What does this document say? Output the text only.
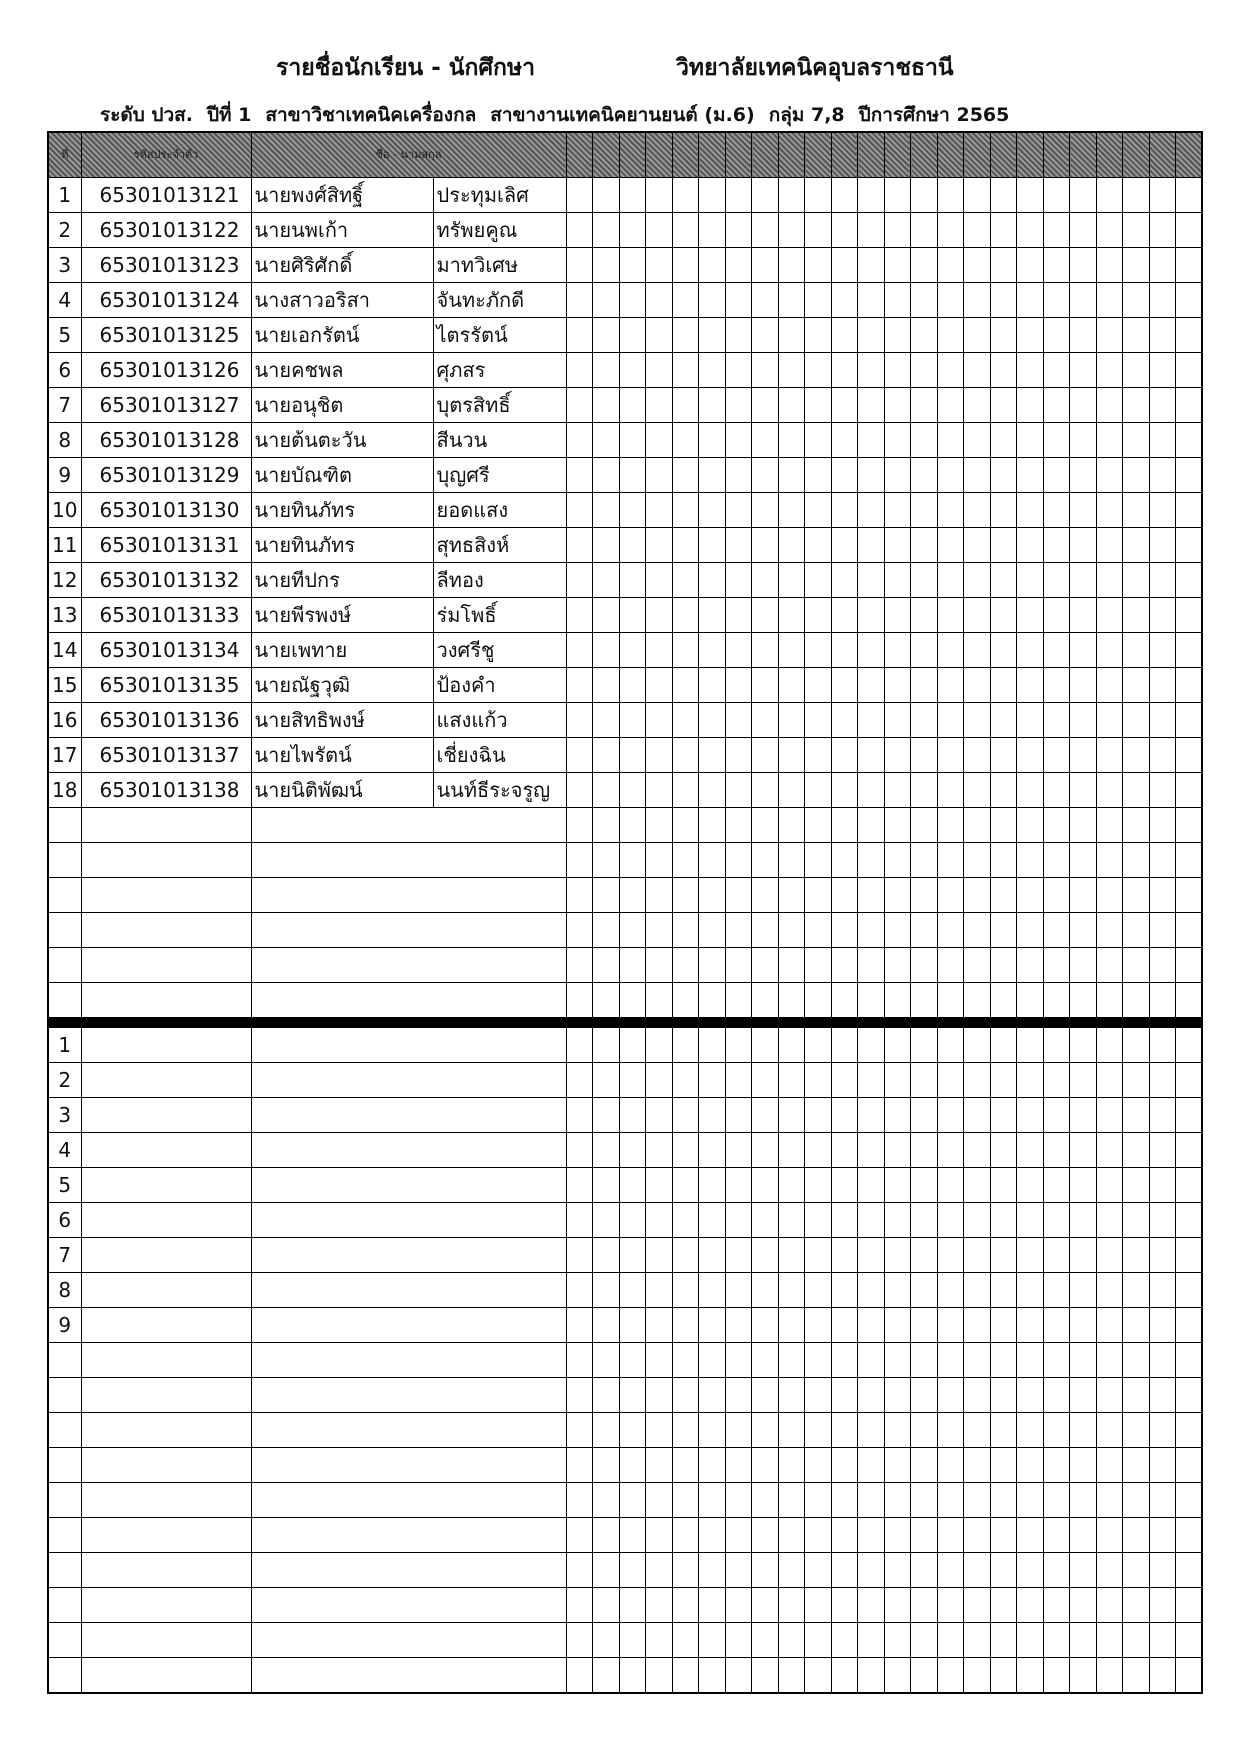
รายชื่อนักเรียน - นักศึกษา	วิทยาลัยเทคนิคอุบลราชธานี
ระดับ ปวส. ปีที่ 1 สาขาวิชาเทคนิคเครื่องกล สาขางานเทคนิคยานยนต์ (ม.6) กลุ่ม 7,8 ปีการศึกษา 2565
ที่	รหัสประจำตัว	ชื่อ - นามสกุล																									
1	65301013121	นายพงศ์สิทฐิ์	ประทุมเลิศ																								
2	65301013122	นายนพเก้า	ทรัพยคูณ																								
3	65301013123	นายศิริศักดิ์	มาทวิเศษ																								
4	65301013124	นางสาวอริสา	จันทะภักดี																								
5	65301013125	นายเอกรัตน์	ไตรรัตน์																								
6	65301013126	นายคชพล	ศุภสร																								
7	65301013127	นายอนุชิต	บุตรสิทธิ์																								
8	65301013128	นายต้นตะวัน	สีนวน																								
9	65301013129	นายบัณฑิต	บุญศรี																								
10	65301013130	นายทินภัทร	ยอดแสง																								
11	65301013131	นายทินภัทร	สุทธสิงห์																								
12	65301013132	นายทีปกร	ลีทอง																								
13	65301013133	นายพีรพงษ์	ร่มโพธิ์																								
14	65301013134	นายเพทาย	วงศรีชู																								
15	65301013135	นายณัฐวุฒิ	ป้องคำ																								
16	65301013136	นายสิทธิพงษ์	แสงแก้ว																								
17	65301013137	นายไพรัตน์	เชี่ยงฉิน																								
18	65301013138	นายนิติพัฒน์	นนท์ธีระจรูญ																								

1																											
2																											
3																											
4																											
5																											
6																											
7																											
8																											
9																											
